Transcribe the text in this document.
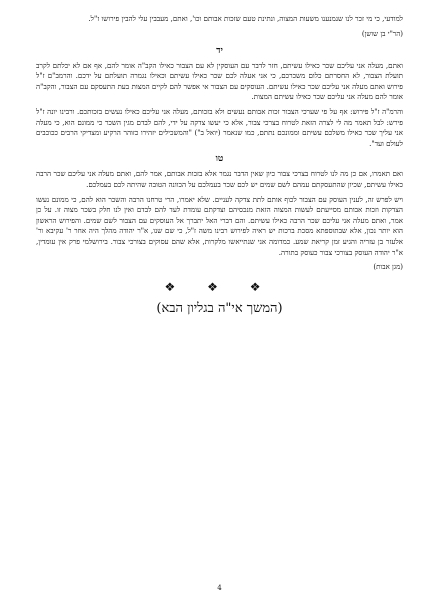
למודעי, כי מי זכר לנו שנמנענו משעות המצוה, ונתינת טעם שזכות אבותם וכו', ואתם, מעבבין עלי להבין פירושו ז"ל.

(הר"י בן שושן)
יד

ואתם, מעלה אני עליכם שכר כאילו עשיתם, חזר לדבר עם העוסקין לא עם הצבור כאילו הקב"ה אומר להם, אף אם לא יכלתם לקרב תועלת הצבור, לא החסרתם כלום משכרכם, כי אני אעלה לכם שכר כאילו עשיתם וכאילו נגמרה תועלתם על ידכם. והרמב"ם ז"ל פירוש ואתם מעלה אני עליכם שכר כאילו עשיתם. העוסקים עם הצבור אי אפשר להם לקיים המצות בעת התעסקם עם הצבור, והקב"ה אומר להם מעלה אני עליכם שכר כאילו עשיתם המצות.

והרמ"ה ז"ל פירוש: אף על פי שערכי הצבור זכות אבותם נעשים ולא בזכותם, מעלה אני עליכם כאילו נעשים בזכותכם. ורבינו יונה ז"ל פירש: לבל תאמר מה לי לצרה הזאת לטרוח בצרכי צבור, אלא כי יעשו צדקה על ידי, להם לבדם מגין השכר כי ממונם הוא, כי מעלה אני עליך שכר כאילו משלכם עשיתם וממונכם נתתם, כמו שנאמר (יואל ב") "והמשכילים יזהירו כזוהר הרקיע ומצדיקי הרבים ככוכבים לעולם ועד".

טו

ואם תאמרו, אם כן מה לנו לטרוח בצרכי צבור כיון שאין הדבר נגמר אלא בזכות אבותם, אמר להם, ואתם מעלה אני עליכם שכר הרבה כאילו עשיתם, שכיון שהתעסקתם עמהם לשם שמים יש לכם שכר בעמלכם על הכוונה הטובה שהיתה לכם בעמלכם.

ויש לפרש זה, לענין העוסק עם הצבור לכוף אותם לתת צדקה לעניים. שלא יאמרו, הרי טרחנו הרבה והשכר הוא להם, כי ממונם נעשו הצדקות וזכות אבותם מסייעתם לעשות המצוה הזאת מנכסיהם וצדקתם עומדת לעד להם לבדם ואין לנו חלק בשכר מצוה זו. על כן אמר, ואתם מעלה אני עליכם שכר הרבה כאילו עשיתם. והם דברי האל יתברך אל העוסקים עם הצבור לשם שמים. והפירוש הראשון הוא יותר נכון, אלא שבתוספתא מסכת ברכות יש ראיה לפירוש רבינו משה ז"ל, כי שם שנו, א"ר יהודה מהלך היה אחר ר' עקיבא ור' אלעזר בן עזריה והגיע זמן קריאת שמע. כמדומה אני שנתייאשו מלקרות, אלא שהם עסוקים בצורכי צבור. בירושלמי פרק אין עומדין, א"ר יהודה העוסק בצורכי צבור כעוסק בתורה.

(מגן אבות)
❖ ❖ ❖
(המשך אי"ה בגליון הבא)
4
